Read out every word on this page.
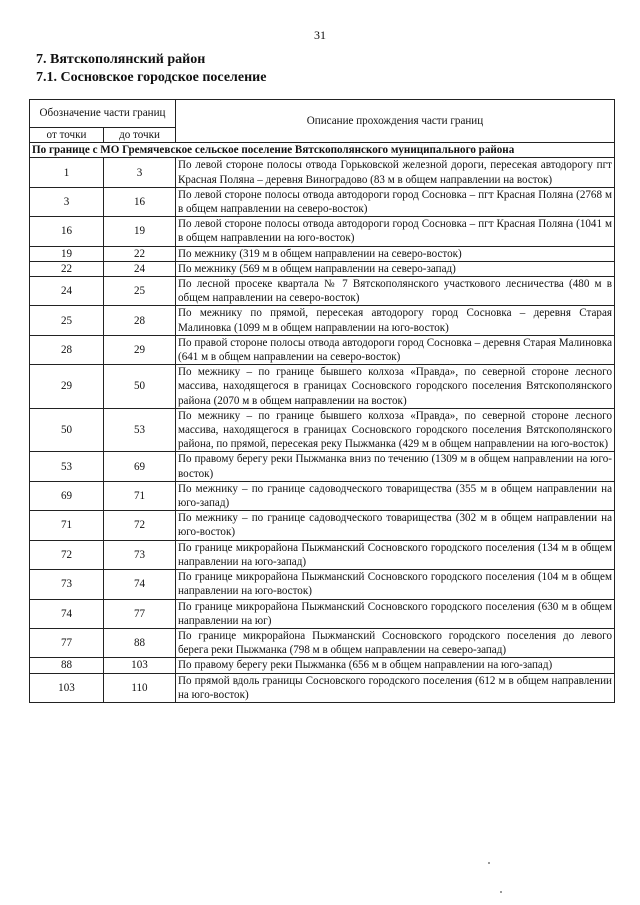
31
7. Вятскополянский район
7.1. Сосновское городское поселение
Обозначение части границ		Описание прохождения части границ
от точки	до точки	
По границе с МО Гремячевское сельское поселение Вятскополянского муниципального района		
1	3	По левой стороне полосы отвода Горьковской железной дороги, пересекая автодорогу пгт Красная Поляна – деревня Виноградово (83 м в общем направлении на восток)
3	16	По левой стороне полосы отвода автодороги город Сосновка – пгт Красная Поляна (2768 м в общем направлении на северо-восток)
16	19	По левой стороне полосы отвода автодороги город Сосновка – пгт Красная Поляна (1041 м в общем направлении на юго-восток)
19	22	По межнику (319 м в общем направлении на северо-восток)
22	24	По межнику (569 м в общем направлении на северо-запад)
24	25	По лесной просеке квартала № 7 Вятскополянского участкового лесничества (480 м в общем направлении на северо-восток)
25	28	По межнику по прямой, пересекая автодорогу город Сосновка – деревня Старая Малиновка (1099 м в общем направлении на юго-восток)
28	29	По правой стороне полосы отвода автодороги город Сосновка – деревня Старая Малиновка (641 м в общем направлении на северо-восток)
29	50	По межнику – по границе бывшего колхоза «Правда», по северной стороне лесного массива, находящегося в границах Сосновского городского поселения Вятскополянского района (2070 м в общем направлении на восток)
50	53	По межнику – по границе бывшего колхоза «Правда», по северной стороне лесного массива, находящегося в границах Сосновского городского поселения Вятскополянского района, по прямой, пересекая реку Пыжманка (429 м в общем направлении на юго-восток)
53	69	По правому берегу реки Пыжманка вниз по течению (1309 м в общем направлении на юго-восток)
69	71	По межнику – по границе садоводческого товарищества (355 м в общем направлении на юго-запад)
71	72	По межнику – по границе садоводческого товарищества (302 м в общем направлении на юго-восток)
72	73	По границе микрорайона Пыжманский Сосновского городского поселения (134 м в общем направлении на юго-запад)
73	74	По границе микрорайона Пыжманский Сосновского городского поселения (104 м в общем направлении на юго-восток)
74	77	По границе микрорайона Пыжманский Сосновского городского поселения (630 м в общем направлении на юг)
77	88	По границе микрорайона Пыжманский Сосновского городского поселения до левого берега реки Пыжманка (798 м в общем направлении на северо-запад)
88	103	По правому берегу реки Пыжманка (656 м в общем направлении на юго-запад)
103	110	По прямой вдоль границы Сосновского городского поселения (612 м в общем направлении на юго-восток)
